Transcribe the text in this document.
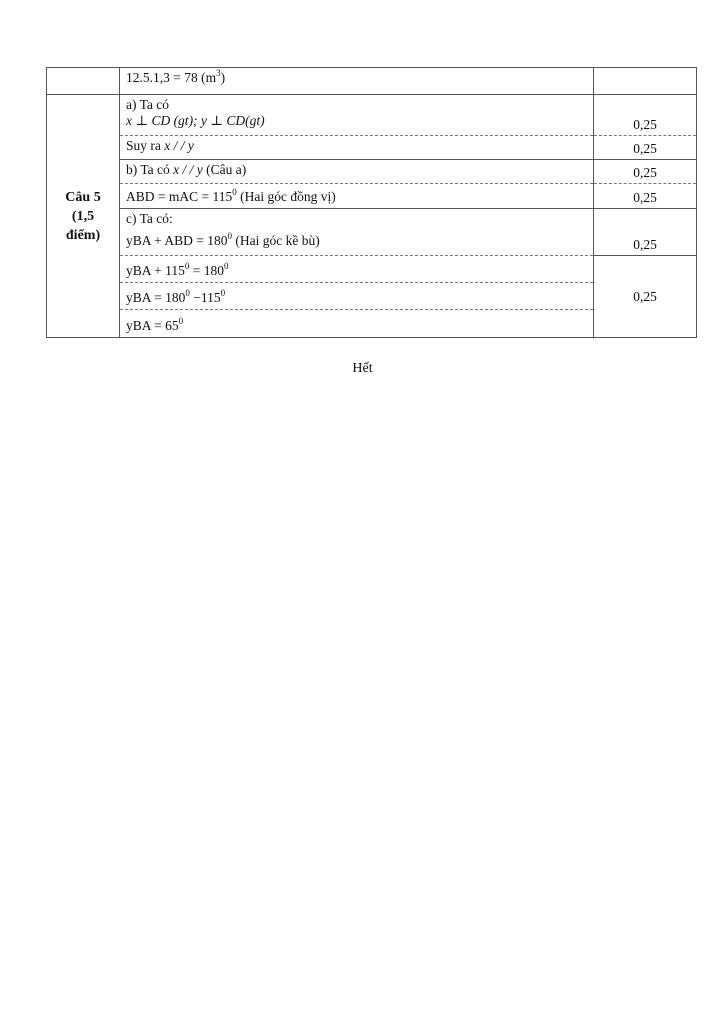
	12.5.1,3 = 78 $(m^3)$	

Câu 5
(1,5
điểm)	a) Ta có
x ⊥ CD (gt); y ⊥ CD(gt)	0,25

	Suy ra x / / y	0,25

	b) Ta có x / / y (Câu a)	0,25

	ABD = mAC = $115^0$ (Hai góc đồng vị)	0,25

	c) Ta có:
yBA + ABD = $180^0$ (Hai góc kề bù)	0,25

	yBA + $115^0 = 180^0$	0,25

	yBA = $180^0 -115^0$

	yBA = $65^0$
Hết
